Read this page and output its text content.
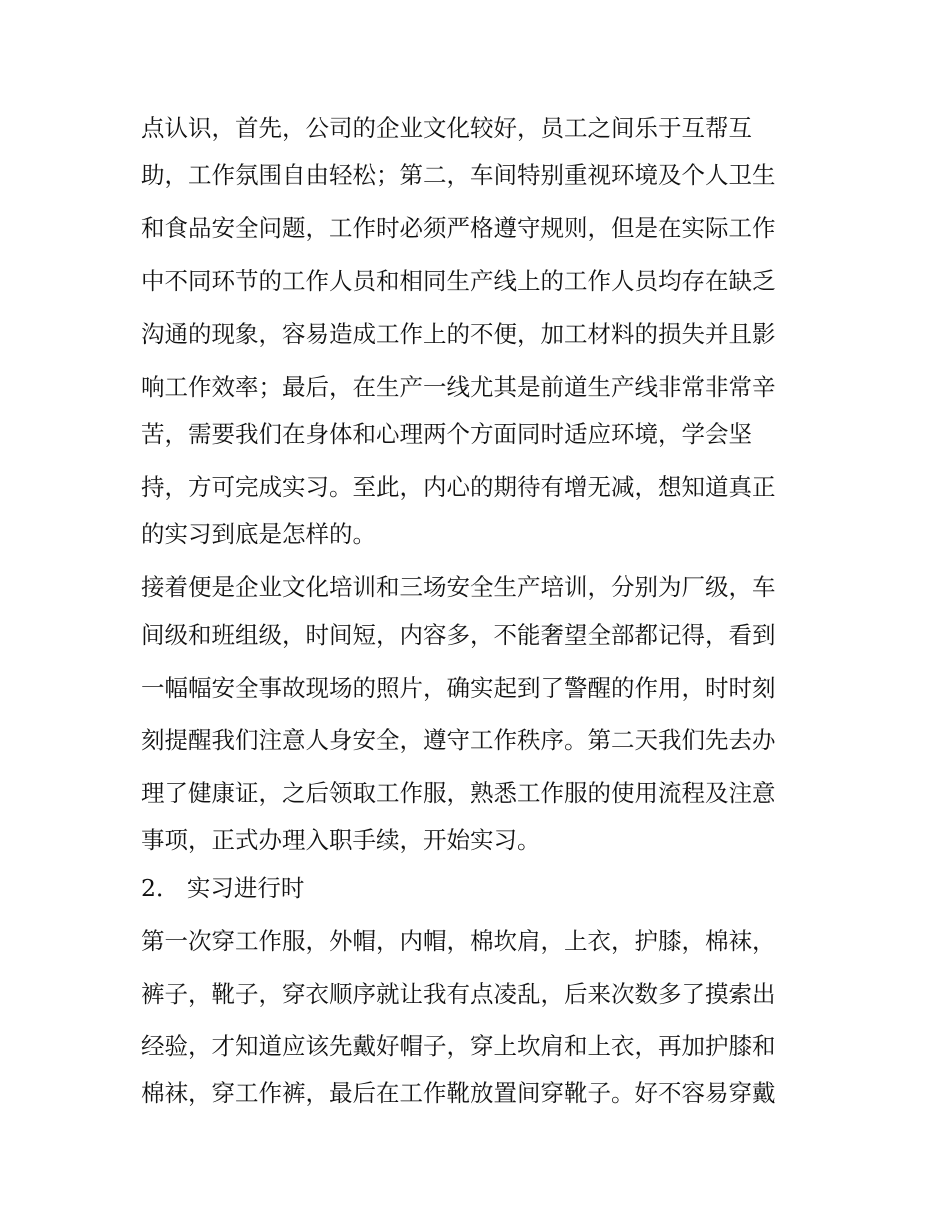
点认识，首先，公司的企业文化较好，员工之间乐于互帮互
助，工作氛围自由轻松；第二，车间特别重视环境及个人卫生
和食品安全问题，工作时必须严格遵守规则，但是在实际工作
中不同环节的工作人员和相同生产线上的工作人员均存在缺乏
沟通的现象，容易造成工作上的不便，加工材料的损失并且影
响工作效率；最后，在生产一线尤其是前道生产线非常非常辛
苦，需要我们在身体和心理两个方面同时适应环境，学会坚
持，方可完成实习。至此，内心的期待有增无减，想知道真正
的实习到底是怎样的。
接着便是企业文化培训和三场安全生产培训，分别为厂级，车
间级和班组级，时间短，内容多，不能奢望全部都记得，看到
一幅幅安全事故现场的照片，确实起到了警醒的作用，时时刻
刻提醒我们注意人身安全，遵守工作秩序。第二天我们先去办
理了健康证，之后领取工作服，熟悉工作服的使用流程及注意
事项，正式办理入职手续，开始实习。
2． 实习进行时
第一次穿工作服，外帽，内帽，棉坎肩，上衣，护膝，棉袜，
裤子，靴子，穿衣顺序就让我有点凌乱，后来次数多了摸索出
经验，才知道应该先戴好帽子，穿上坎肩和上衣，再加护膝和
棉袜，穿工作裤，最后在工作靴放置间穿靴子。好不容易穿戴
